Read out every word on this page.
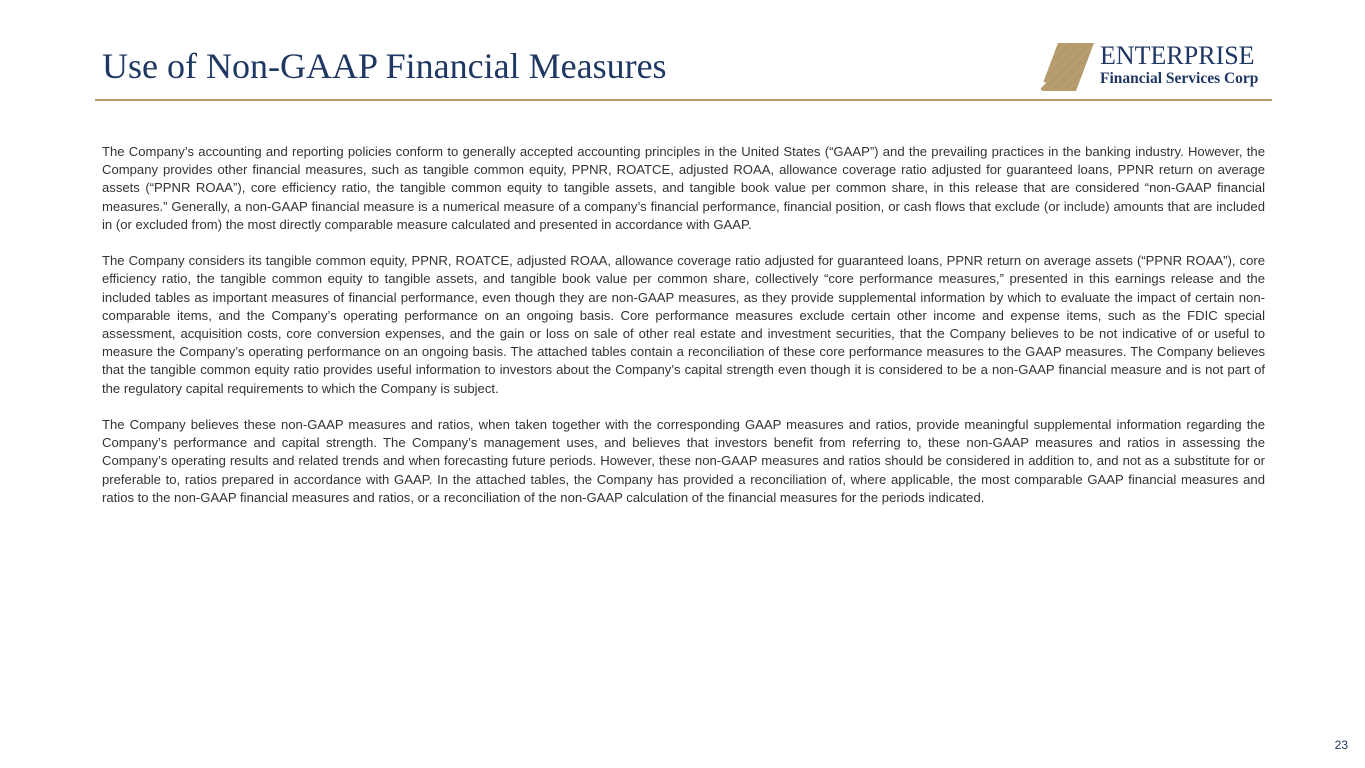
Use of Non-GAAP Financial Measures	ENTERPRISE
Financial Services Corp

The Company’s accounting and reporting policies conform to generally accepted accounting principles in the United States (“GAAP”) and the prevailing practices in the banking industry. However, the Company provides other financial measures, such as tangible common equity, PPNR, ROATCE, adjusted ROAA, allowance coverage ratio adjusted for guaranteed loans, PPNR return on average assets (“PPNR ROAA”), core efficiency ratio, the tangible common equity to tangible assets, and tangible book value per common share, in this release that are considered “non-GAAP financial measures.” Generally, a non-GAAP financial measure is a numerical measure of a company’s financial performance, financial position, or cash flows that exclude (or include) amounts that are included in (or excluded from) the most directly comparable measure calculated and presented in accordance with GAAP.

The Company considers its tangible common equity, PPNR, ROATCE, adjusted ROAA, allowance coverage ratio adjusted for guaranteed loans, PPNR return on average assets (“PPNR ROAA”), core efficiency ratio, the tangible common equity to tangible assets, and tangible book value per common share, collectively “core performance measures,” presented in this earnings release and the included tables as important measures of financial performance, even though they are non-GAAP measures, as they provide supplemental information by which to evaluate the impact of certain non-comparable items, and the Company’s operating performance on an ongoing basis. Core performance measures exclude certain other income and expense items, such as the FDIC special assessment, acquisition costs, core conversion expenses, and the gain or loss on sale of other real estate and investment securities, that the Company believes to be not indicative of or useful to measure the Company’s operating performance on an ongoing basis. The attached tables contain a reconciliation of these core performance measures to the GAAP measures. The Company believes that the tangible common equity ratio provides useful information to investors about the Company’s capital strength even though it is considered to be a non-GAAP financial measure and is not part of the regulatory capital requirements to which the Company is subject.

The Company believes these non-GAAP measures and ratios, when taken together with the corresponding GAAP measures and ratios, provide meaningful supplemental information regarding the Company’s performance and capital strength. The Company’s management uses, and believes that investors benefit from referring to, these non-GAAP measures and ratios in assessing the Company’s operating results and related trends and when forecasting future periods. However, these non-GAAP measures and ratios should be considered in addition to, and not as a substitute for or preferable to, ratios prepared in accordance with GAAP. In the attached tables, the Company has provided a reconciliation of, where applicable, the most comparable GAAP financial measures and ratios to the non-GAAP financial measures and ratios, or a reconciliation of the non-GAAP calculation of the financial measures for the periods indicated.

23
